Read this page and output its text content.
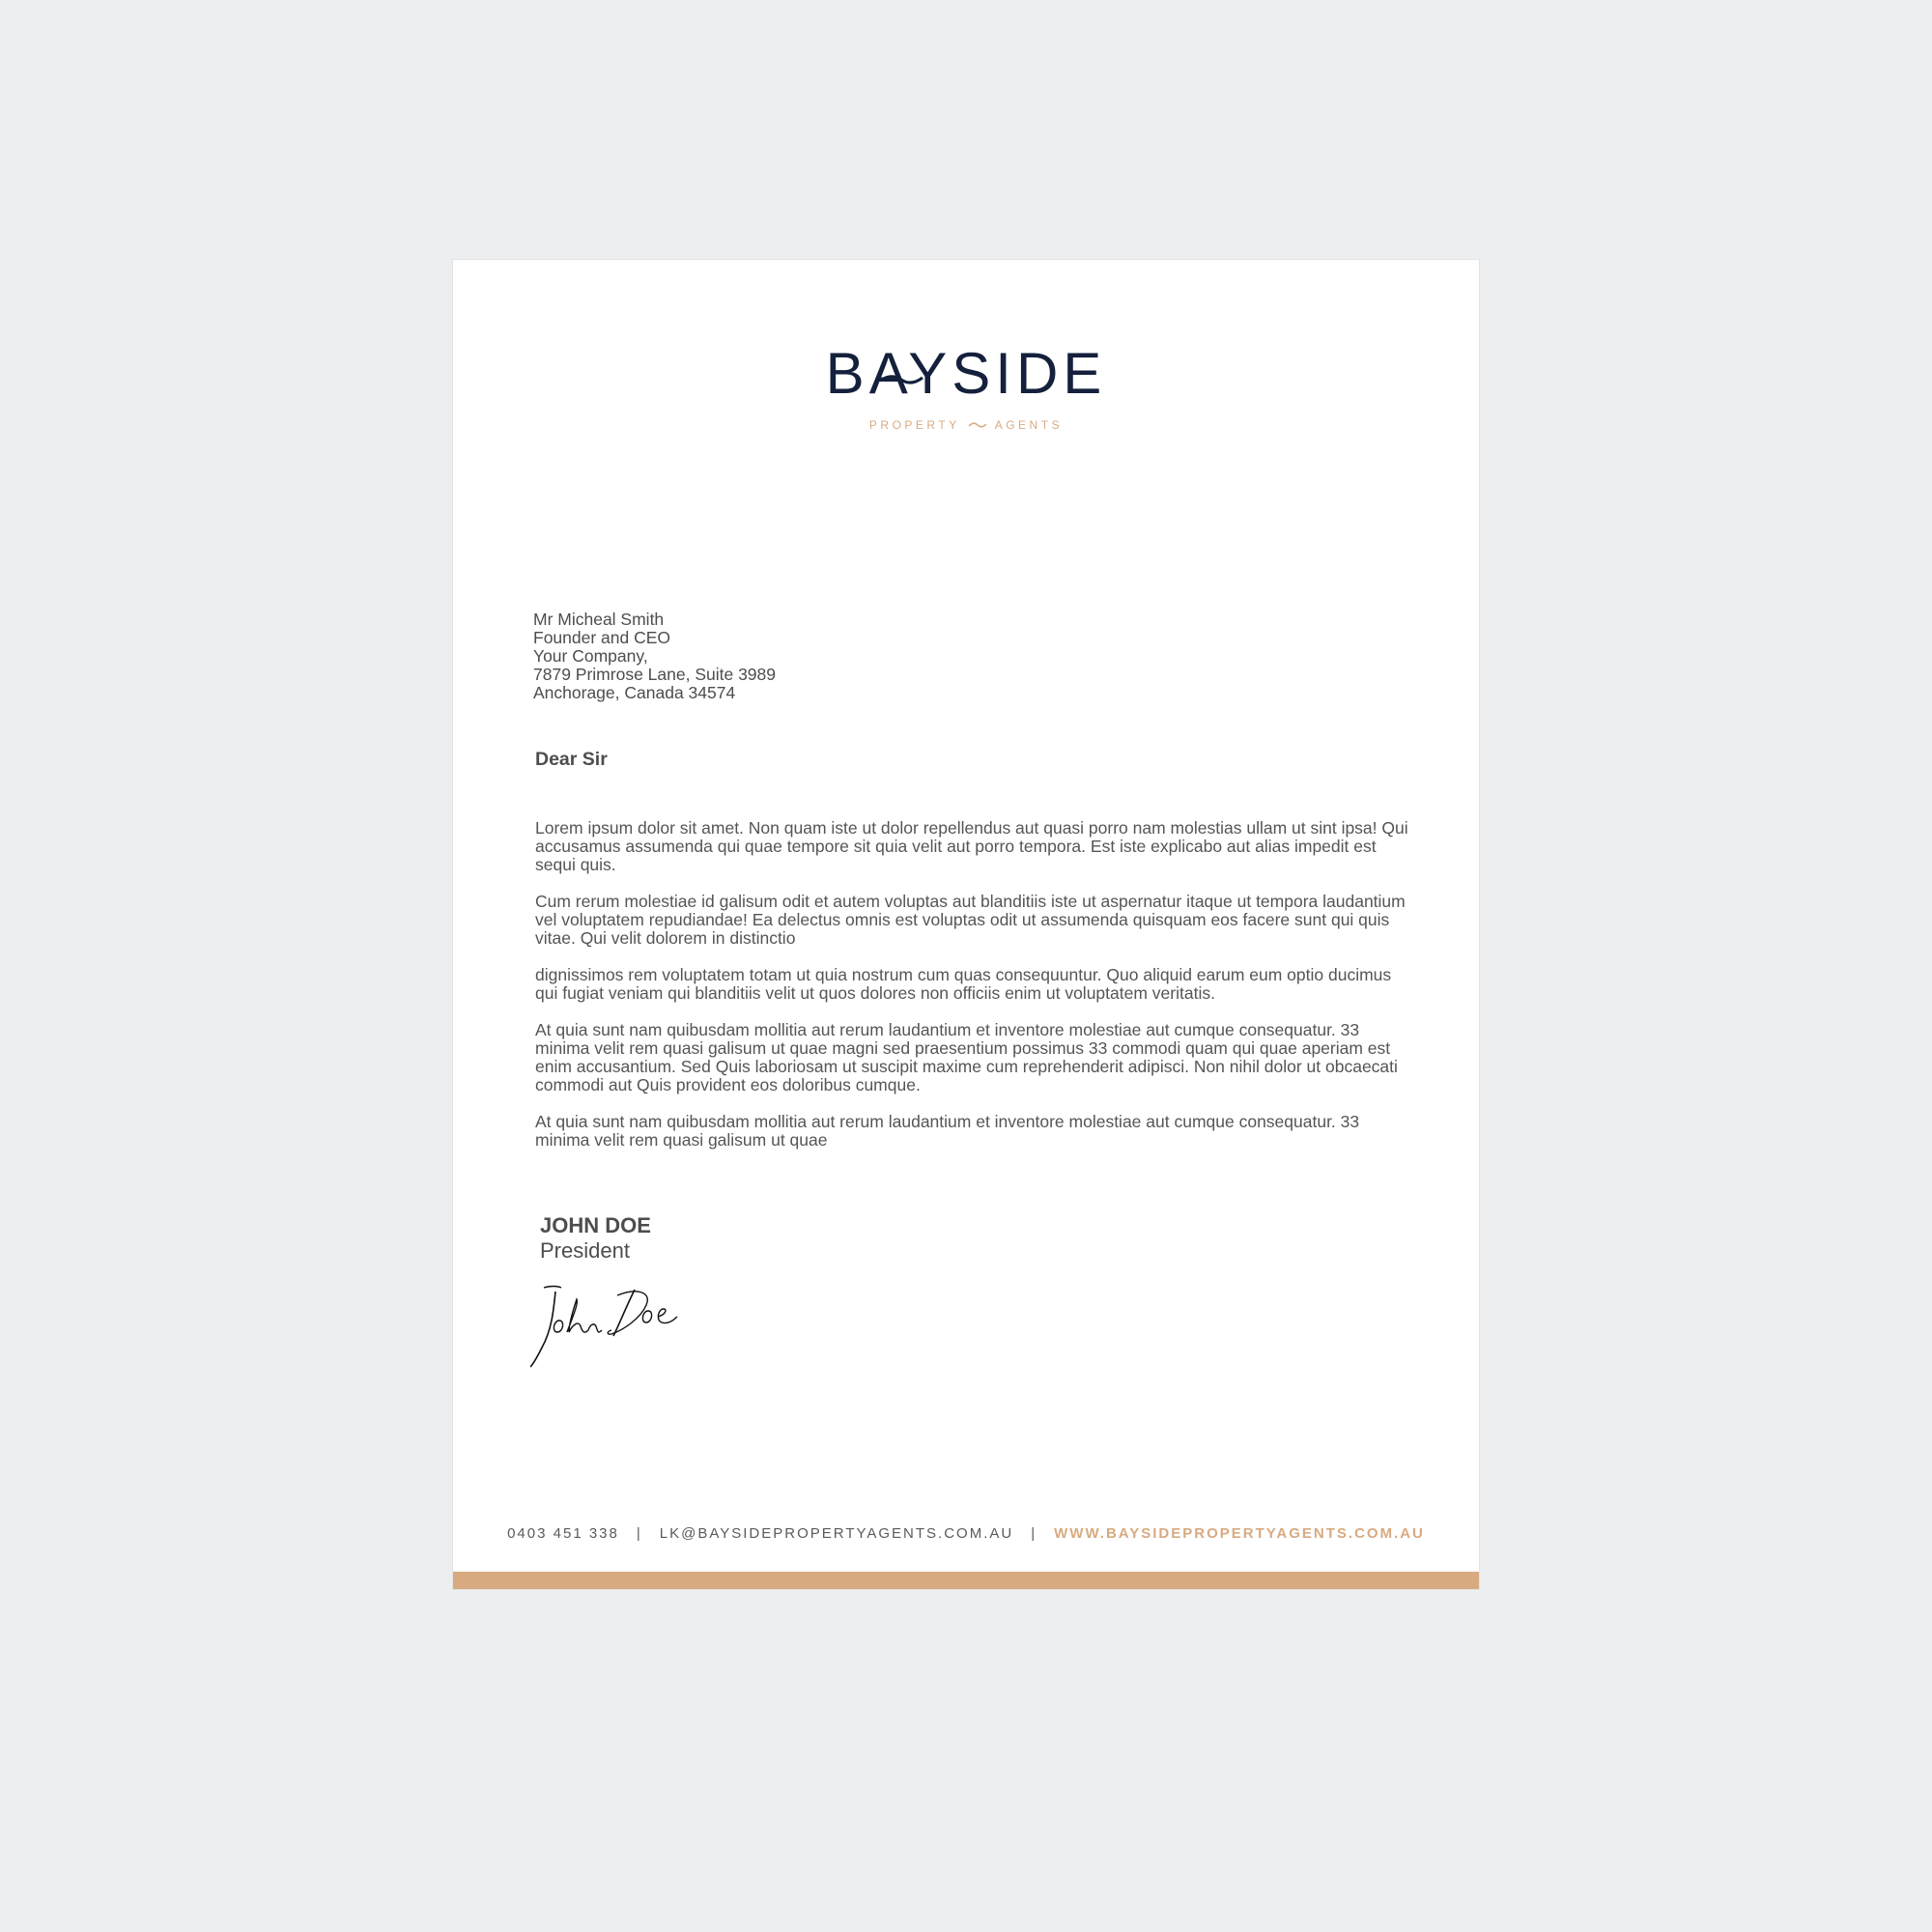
BAYSIDE
PROPERTY	AGENTS
Mr Micheal Smith
Founder and CEO
Your Company,
7879 Primrose Lane, Suite 3989
Anchorage, Canada 34574
Dear Sir

Lorem ipsum dolor sit amet. Non quam iste ut dolor repellendus aut quasi porro nam molestias ullam ut sint ipsa! Qui accusamus assumenda qui quae tempore sit quia velit aut porro tempora. Est iste explicabo aut alias impedit est sequi quis.

Cum rerum molestiae id galisum odit et autem voluptas aut blanditiis iste ut aspernatur itaque ut tempora laudantium vel voluptatem repudiandae! Ea delectus omnis est voluptas odit ut assumenda quisquam eos facere sunt qui quis vitae. Qui velit dolorem in distinctio

dignissimos rem voluptatem totam ut quia nostrum cum quas consequuntur. Quo aliquid earum eum optio ducimus qui fugiat veniam qui blanditiis velit ut quos dolores non officiis enim ut voluptatem veritatis.

At quia sunt nam quibusdam mollitia aut rerum laudantium et inventore molestiae aut cumque consequatur. 33 minima velit rem quasi galisum ut quae magni sed praesentium possimus 33 commodi quam qui quae aperiam est enim accusantium. Sed Quis laboriosam ut suscipit maxime cum reprehenderit adipisci. Non nihil dolor ut obcaecati commodi aut Quis provident eos doloribus cumque.

At quia sunt nam quibusdam mollitia aut rerum laudantium et inventore molestiae aut cumque consequatur. 33 minima velit rem quasi galisum ut quae

JOHN DOE
President
0403 451 338 | LK@BAYSIDEPROPERTYAGENTS.COM.AU | WWW.BAYSIDEPROPERTYAGENTS.COM.AU
